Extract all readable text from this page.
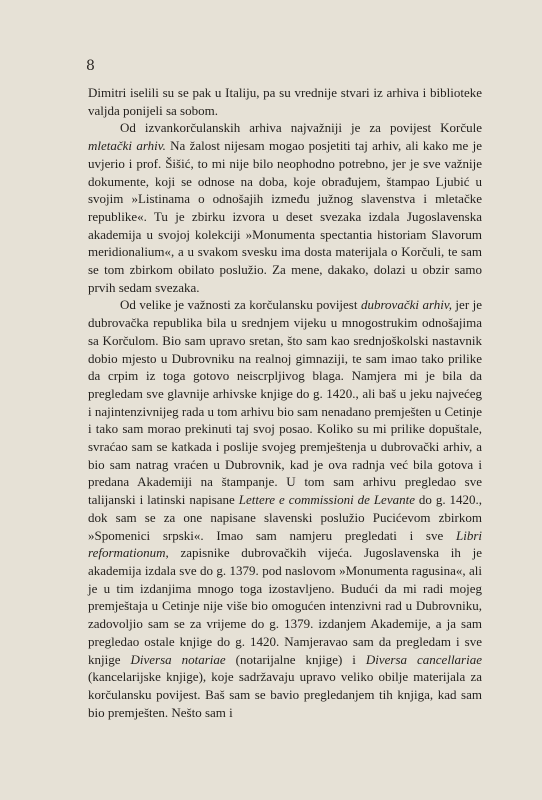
8

Dimitri iselili su se pak u Italiju, pa su vrednije stvari iz arhiva i biblioteke valjda ponijeli sa sobom.

Od izvankorčulanskih arhiva najvažniji je za povijest Korčule mletački arhiv. Na žalost nijesam mogao posjetiti taj arhiv, ali kako me je uvjerio i prof. Šišić, to mi nije bilo neophodno potrebno, jer je sve važnije dokumente, koji se odnose na doba, koje obrađujem, štampao Ljubić u svojim »Listinama o odnošajih između južnog slavenstva i mletačke republike«. Tu je zbirku izvora u deset svezaka izdala Jugoslavenska akademija u svojoj kolekciji »Monumenta spectantia historiam Slavorum meridionalium«, a u svakom svesku ima dosta materijala o Korčuli, te sam se tom zbirkom obilato poslužio. Za mene, dakako, dolazi u obzir samo prvih sedam svezaka.

Od velike je važnosti za korčulansku povijest dubrovački arhiv, jer je dubrovačka republika bila u srednjem vijeku u mnogostrukim odnošajima sa Korčulom. Bio sam upravo sretan, što sam kao srednjoškolski nastavnik dobio mjesto u Dubrovniku na realnoj gimnaziji, te sam imao tako prilike da crpim iz toga gotovo neiscrpljivog blaga. Namjera mi je bila da pregledam sve glavnije arhivske knjige do g. 1420., ali baš u jeku najvećeg i najintenzivnijeg rada u tom arhivu bio sam nenadano premješten u Cetinje i tako sam morao prekinuti taj svoj posao. Koliko su mi prilike dopuštale, svraćao sam se katkada i poslije svojeg premještenja u dubrovački arhiv, a bio sam natrag vraćen u Dubrovnik, kad je ova radnja već bila gotova i predana Akademiji na štampanje. U tom sam arhivu pregledao sve talijanski i latinski napisane Lettere e commissioni de Levante do g. 1420., dok sam se za one napisane slavenski poslužio Pucićevom zbirkom »Spomenici srpski«. Imao sam namjeru pregledati i sve Libri reformationum, zapisnike dubrovačkih vijeća. Jugoslavenska ih je akademija izdala sve do g. 1379. pod naslovom »Monumenta ragusina«, ali je u tim izdanjima mnogo toga izostavljeno. Budući da mi radi mojeg premještaja u Cetinje nije više bio omogućen intenzivni rad u Dubrovniku, zadovoljio sam se za vrijeme do g. 1379. izdanjem Akademije, a ja sam pregledao ostale knjige do g. 1420. Namjeravao sam da pregledam i sve knjige Diversa notariae (notarijalne knjige) i Diversa cancellariae (kancelarijske knjige), koje sadržavaju upravo veliko obilje materijala za korčulansku povijest. Baš sam se bavio pregledanjem tih knjiga, kad sam bio premješten. Nešto sam i
